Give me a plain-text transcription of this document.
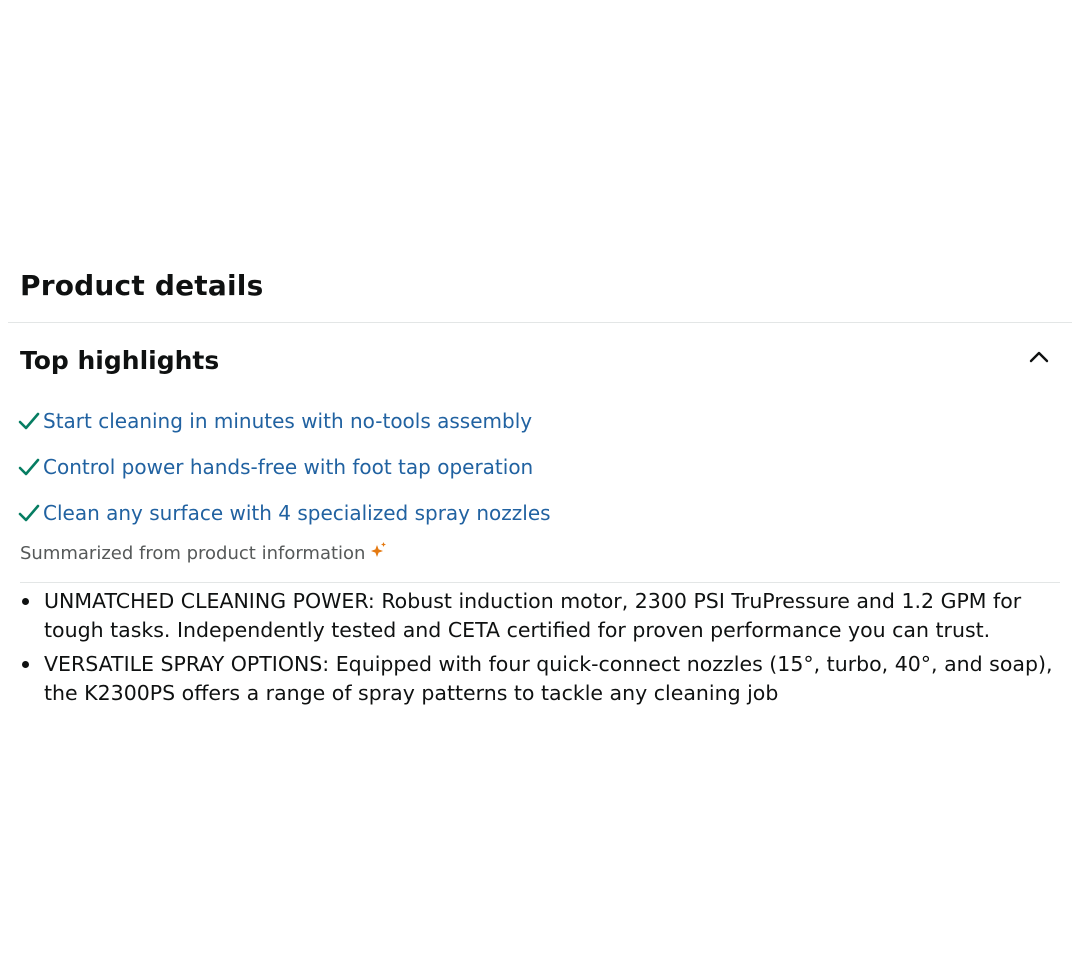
Product details
Top highlights
Start cleaning in minutes with no-tools assembly
Control power hands-free with foot tap operation
Clean any surface with 4 specialized spray nozzles
Summarized from product information
UNMATCHED CLEANING POWER: Robust induction motor, 2300 PSI TruPressure and 1.2 GPM for tough tasks. Independently tested and CETA certified for proven performance you can trust.
VERSATILE SPRAY OPTIONS: Equipped with four quick-connect nozzles (15°, turbo, 40°, and soap), the K2300PS offers a range of spray patterns to tackle any cleaning job
